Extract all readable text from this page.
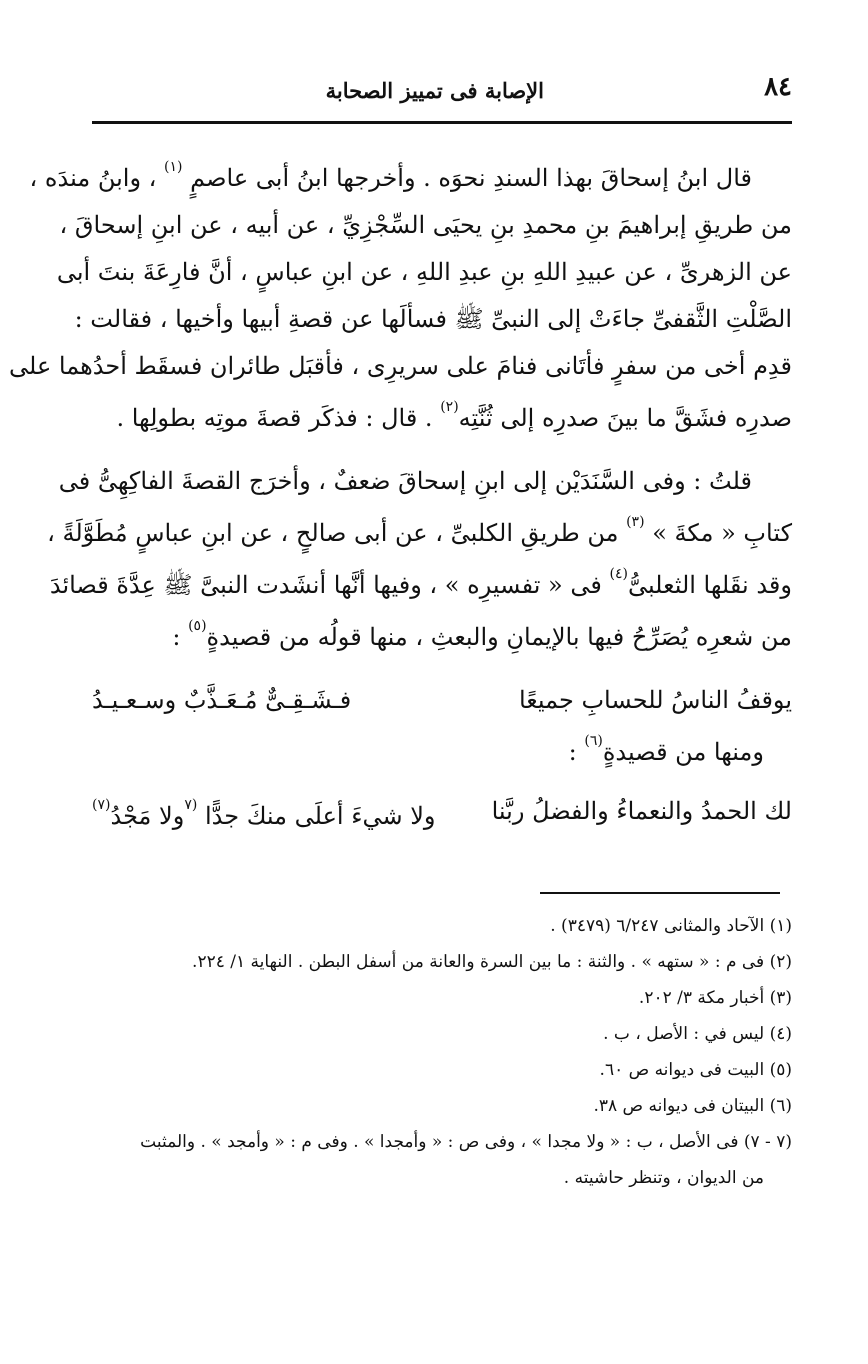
٨٤
الإصابة فى تمييز الصحابة
قال ابنُ إسحاقَ بهذا السندِ نحوَه . وأخرجها ابنُ أبى عاصمٍ $^{(١)}$ ، وابنُ مندَه ،
من طريقِ إبراهيمَ بنِ محمدِ بنِ يحيَى السِّجْزِيِّ ، عن أبيه ، عن ابنِ إسحاقَ ،
عن الزهرىِّ ، عن عبيدِ اللهِ بنِ عبدِ اللهِ ، عن ابنِ عباسٍ ، أنَّ فارِعَةَ بنتَ أبى
الصَّلْتِ الثَّقفىِّ جاءَتْ إلى النبىِّ ﷺ فسألَها عن قصةِ أبيها وأخيها ، فقالت :
قدِم أخى من سفرٍ فأتَانى فنامَ على سريرِى ، فأقبَل طائران فسقَط أحدُهما على
صدرِه فشَقَّ ما بينَ صدرِه إلى ثُنَّتِه$^{(٢)}$ . قال : فذكَر قصةَ موتِه بطولِها .
قلتُ : وفى السَّنَدَيْن إلى ابنِ إسحاقَ ضعفٌ ، وأخرَج القصةَ الفاكِهِىُّ فى
كتابِ « مكةَ » $^{(٣)}$ من طريقِ الكلبىِّ ، عن أبى صالحٍ ، عن ابنِ عباسٍ مُطَوَّلَةً ،
وقد نقَلها الثعلبىُّ$^{(٤)}$ فى « تفسيرِه » ، وفيها أنَّها أنشَدت النبىَّ ﷺ عِدَّةَ قصائدَ
من شعرِه يُصَرِّحُ فيها بالإيمانِ والبعثِ ، منها قولُه من قصيدةٍ$^{(٥)}$ :
يوقفُ الناسُ للحسابِ جميعًا
فـشَـقِـىٌّ مُـعَـذَّبٌ وسـعـيـدُ
ومنها من قصيدةٍ$^{(٦)}$ :
لك الحمدُ والنعماءُ والفضلُ ربَّنا
ولا شيءَ أعلَى منكَ جدًّا $^{(٧}$ولا مَجْدُ$^{(٧)}$
(١) الآحاد والمثانى ٦/٢٤٧ (٣٤٧٩) .
(٢) فى م : « ستهه » . والثنة : ما بين السرة والعانة من أسفل البطن . النهاية ١/ ٢٢٤.
(٣) أخبار مكة ٣/ ٢٠٢.
(٤) ليس في : الأصل ، ب .
(٥) البيت فى ديوانه ص ٦٠.
(٦) البيتان فى ديوانه ص ٣٨.
(٧ - ٧) فى الأصل ، ب : « ولا مجدا » ، وفى ص : « وأمجدا » . وفى م : « وأمجد » . والمثبت
من الديوان ، وتنظر حاشيته .
